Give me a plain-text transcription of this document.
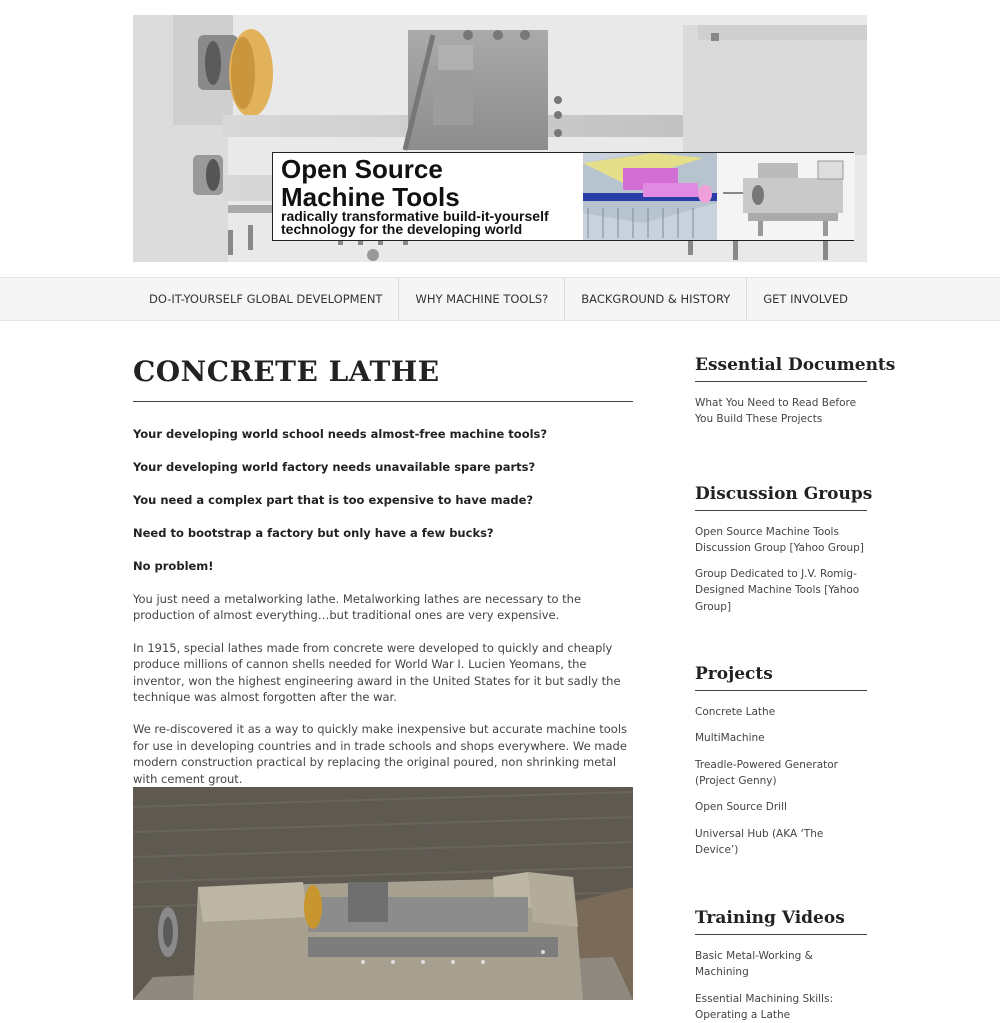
Open Source
Machine Tools
radically transformative build-it-yourself
technology for the developing world
DO-IT-YOURSELF GLOBAL DEVELOPMENT	WHY MACHINE TOOLS?	BACKGROUND & HISTORY	GET INVOLVED
CONCRETE LATHE

Your developing world school needs almost-free machine tools?

Your developing world factory needs unavailable spare parts?

You need a complex part that is too expensive to have made?

Need to bootstrap a factory but only have a few bucks?

No problem!

You just need a metalworking lathe. Metalworking lathes are necessary to the production of almost everything…but traditional ones are very expensive.

In 1915, special lathes made from concrete were developed to quickly and cheaply produce millions of cannon shells needed for World War I. Lucien Yeomans, the inventor, won the highest engineering award in the United States for it but sadly the technique was almost forgotten after the war.

We re-discovered it as a way to quickly make inexpensive but accurate machine tools for use in developing countries and in trade schools and shops everywhere. We made modern construction practical by replacing the original poured, non shrinking metal with cement grout.

Essential Documents
What You Need to Read Before You Build These Projects
Discussion Groups
Open Source Machine Tools Discussion Group [Yahoo Group]
Group Dedicated to J.V. Romig-Designed Machine Tools [Yahoo Group]
Projects
Concrete Lathe
MultiMachine
Treadle-Powered Generator (Project Genny)
Open Source Drill
Universal Hub (AKA ‘The Device’)
Training Videos
Basic Metal-Working & Machining
Essential Machining Skills: Operating a Lathe
